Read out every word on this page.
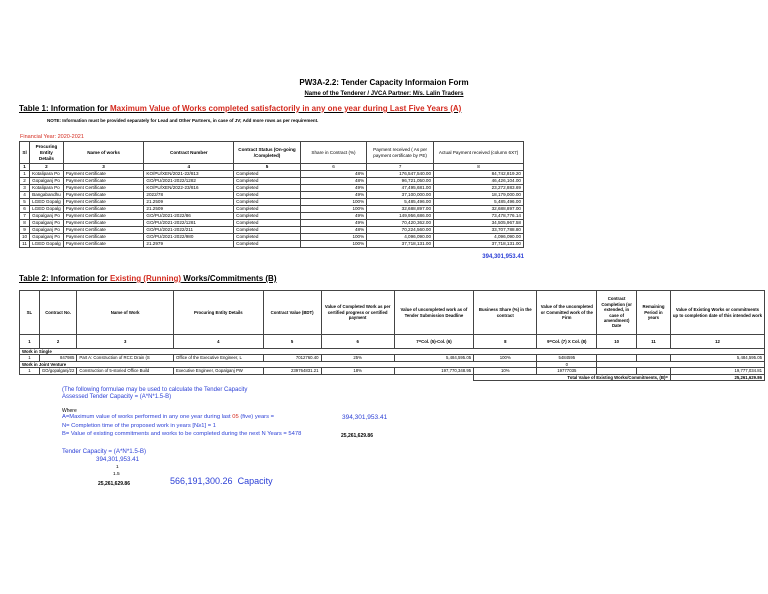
PW3A-2.2: Tender Capacity Informaion Form
Name of the Tenderer / JVCA Partner: M/s. Lalin Traders
Table 1: Information for Maximum Value of Works completed satisfactorily in any one year during Last Five Years (A)
NOTE: Information must be provided separately for Lead and Other Partners, in case of JV; Add more rows as per requirement.
Financial Year: 2020-2021
Sl	Procuring Entity Details	Name of works	Contract Number	Contract Status (On-going /Completed)	Share in Contract (%)	Payment received ( As per payment certificate by PE)	Actual Payment received (column 6X7)
1	2	3	4	5	6	7	8
1	Kotalipara Po	Payment Certificate	KO/PU/XEN/2021-22/813	Completed	48%	176,547,540.00	84,742,819.20
2	Gopalganj Po	Payment Certificate	GO/PU/2021-2022/1282	Completed	48%	96,721,050.00	46,426,104.00
3	Kotalipara Po	Payment Certificate	KO/PU/XEN/2022-23/816	Completed	49%	47,495,681.00	23,272,883.69
4	Bangabandhu	Payment Certificate	2022/78	Completed	49%	37,100,000.00	18,179,000.00
5	LGED Gopalg	Payment Certificate	21.2509	Completed	100%	5,485,496.00	5,485,496.00
6	LGED Gopalg	Payment Certificate	21.2509	Completed	100%	32,688,897.00	32,688,897.00
7	Gopalganj Po	Payment Certificate	GO/PU/2021-2022/86	Completed	49%	149,956,686.00	73,478,776.14
8	Gopalganj Po	Payment Certificate	GO/PU/2021-2022/1281	Completed	49%	70,420,362.00	34,505,967.58
9	Gopalganj Po	Payment Certificate	GO/PU/2021-2022/211	Completed	48%	70,224,560.00	33,707,788.80
10	Gopalganj Po	Payment Certificate	GO/PU/2021-2022/980	Completed	100%	4,096,090.00	4,096,090.00
11	LGED Gopalg	Payment Certificate	21.2979	Completed	100%	37,718,131.00	37,718,131.00
394,301,953.41
Table 2: Information for Existing (Running) Works/Commitments (B)
SL	Contract No.	Name of Work	Procuring Entity Details	Contract Value (BDT)	Value of Completed Work as per certified progress or certified payment	Value of uncompleted work as of Tender Submission Deadline	Business Share (%) in the contract	Value of the uncompleted or Committed work of the Firm	Contract Completion (or extended, in case of amendment) Date	Remaining Period in years	Value of Existing Works or commitments up to completion date of this intended work
1	2	3	4	5	6	7=Col. (5)-Col. (6)	8	9=Col. (7) X Col. (8)	10	11	12
Work in Single											
1	847985	Part A: Construction of RCC Drain (S	Office of the Executive Engineer, L	7012760.40	25%	5,484,595.05	100%	5484595			5,484,595.05
Work in Joint Venture								0			
1	GO/gopalganj/22	Construction of 5-storied Office Build	Executive Engineer, Gopalganj PW	239764831.21	18%	197,770,348.95	10%	19777035			19,777,034.81
							Total Value of Existing Works/Commitments, (B)=				25,261,629.86
(The following formulae may be used to calculate the Tender Capacity
Assessed Tender Capacity = (A*N*1.5-B)
Where
A=Maximum value of works performed in any one year during last 05 (five) years =	394,301,953.41
N= Completion time of the proposed work in years [N≥1] = 1
B= Value of existing commitments and works to be completed during the next N Years = 5478	25,261,629.86
Tender Capacity = (A*N*1.5-B)
394,301,953.41
1
1.5
25,261,629.86	566,191,300.26 Capacity
